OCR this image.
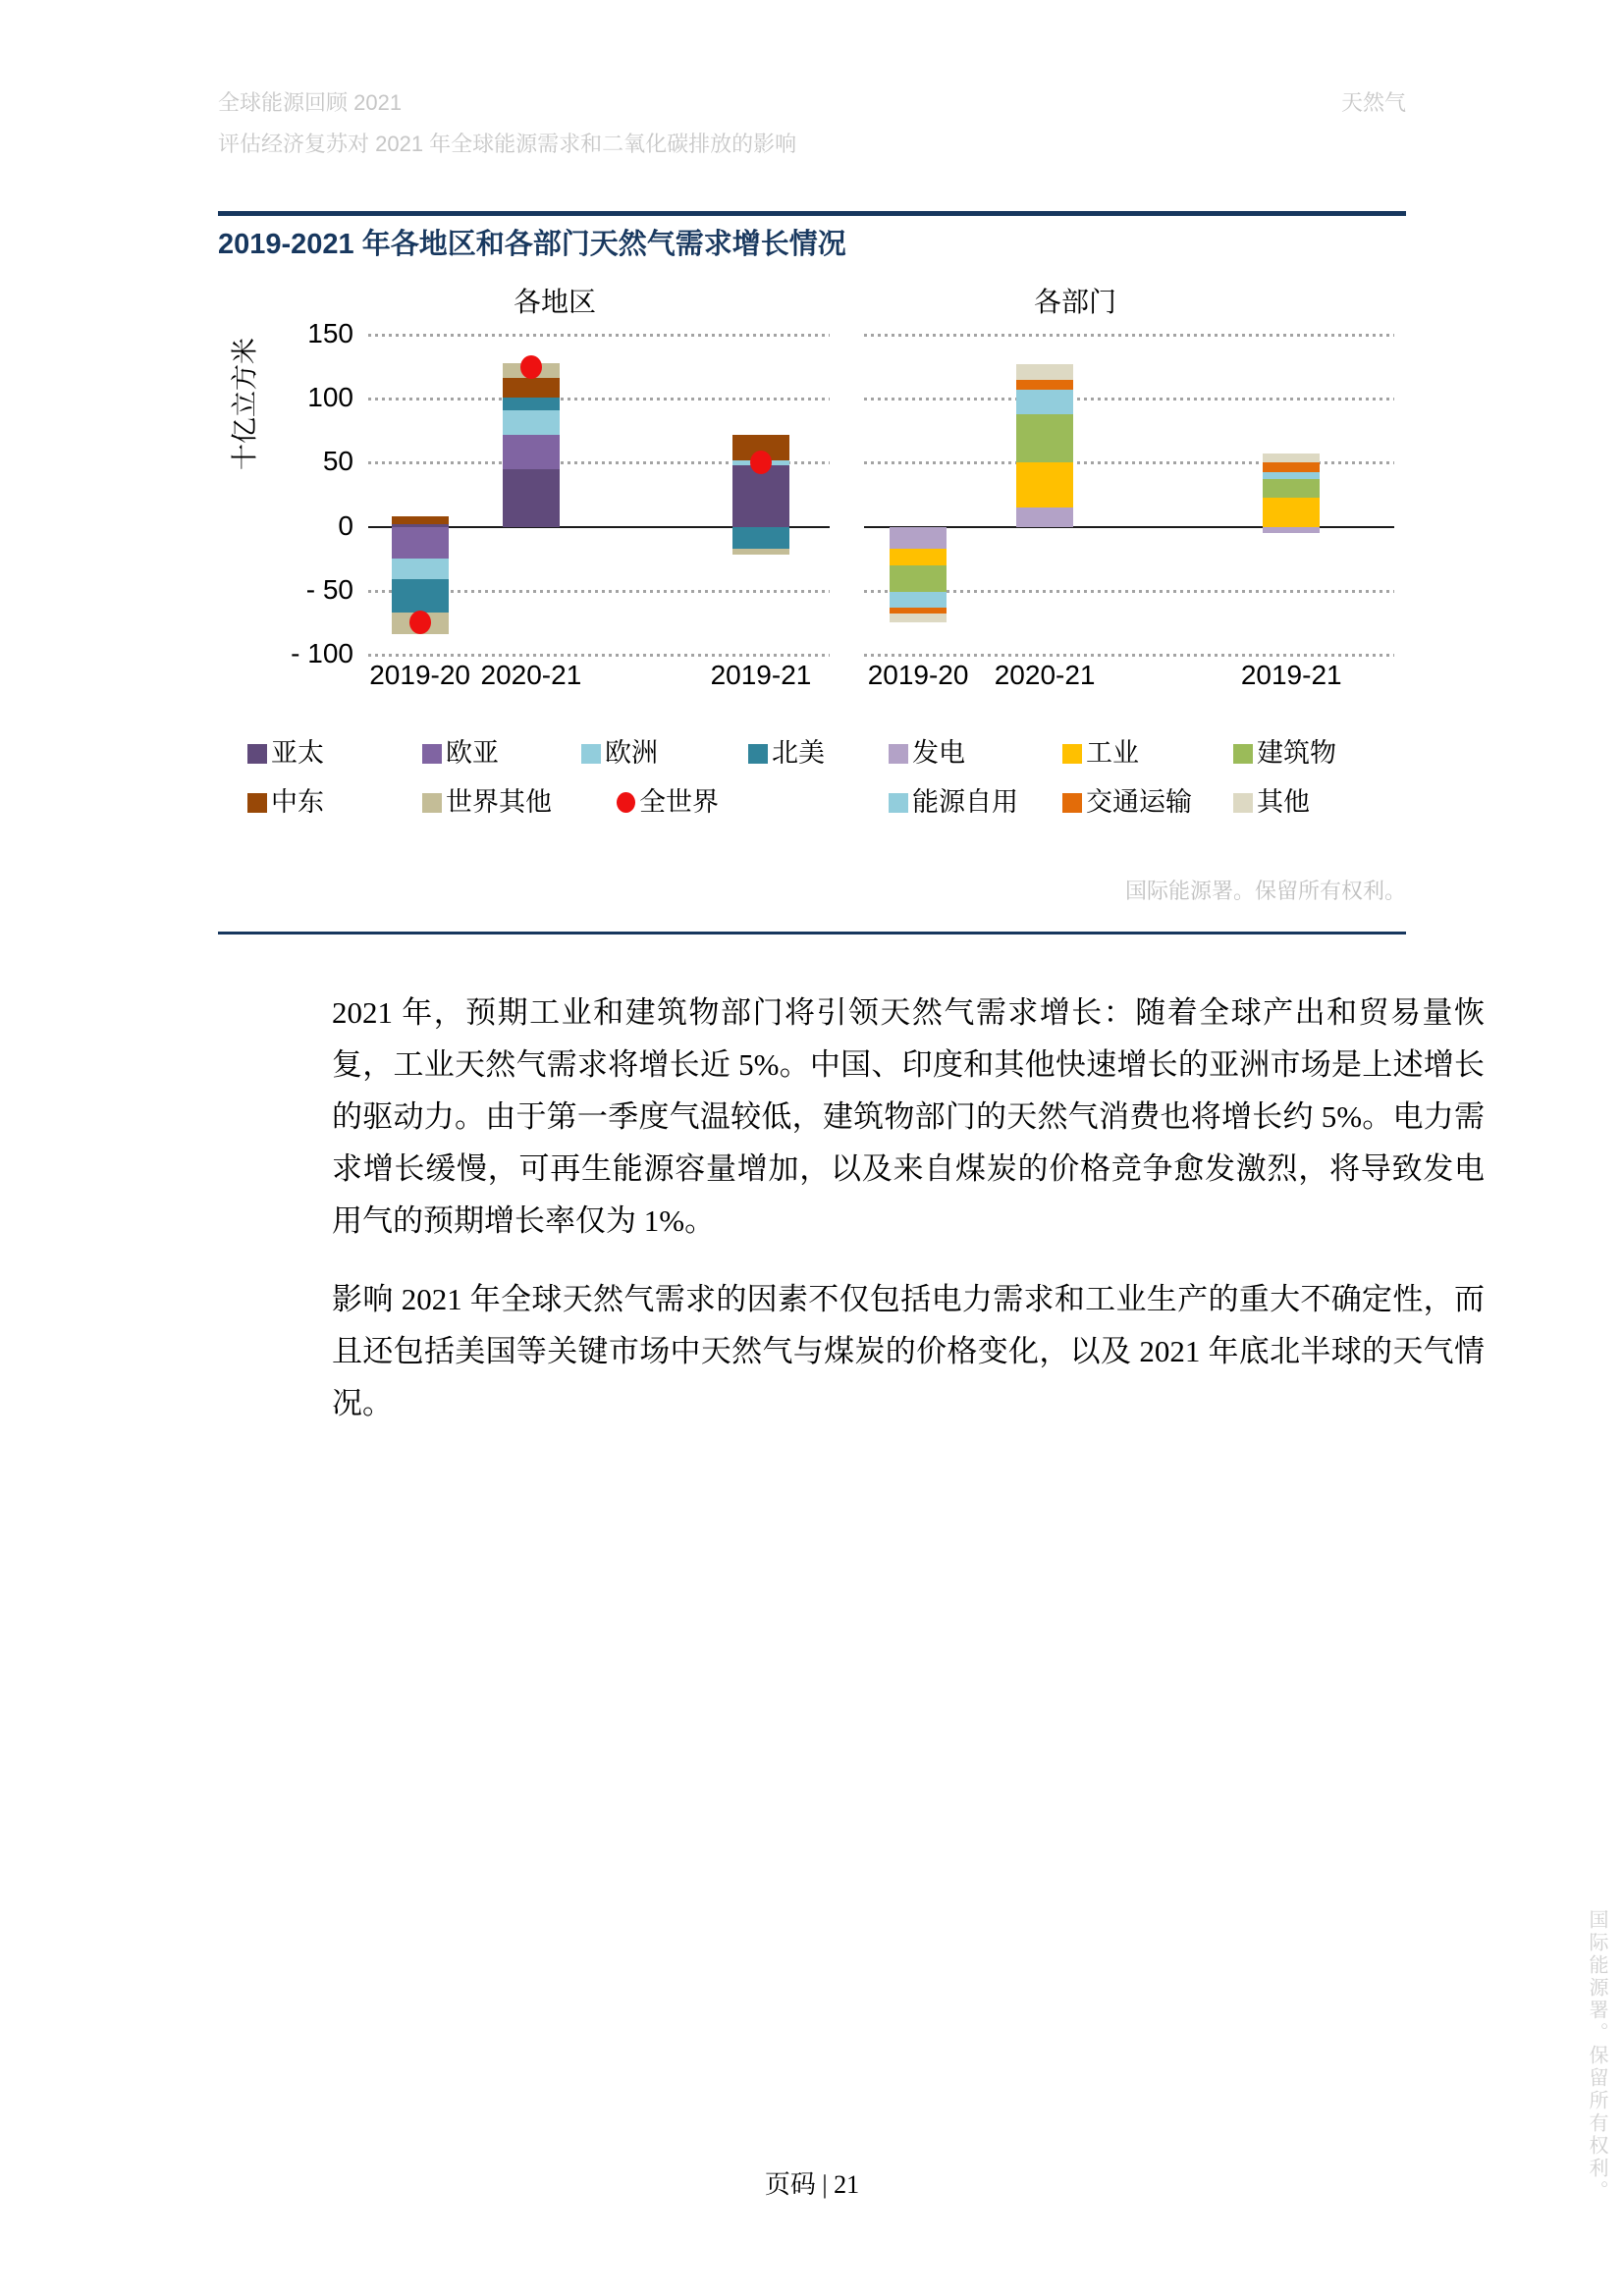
全球能源回顾 2021
评估经济复苏对 2021 年全球能源需求和二氧化碳排放的影响
天然气
2019-2021 年各地区和各部门天然气需求增长情况
各地区	各部门
十亿立方米
150
100
50
0
- 50
- 100
2019-20 2020-21	2019-21	2019-20 2020-21	2019-21
亚太	欧亚	欧洲	北美
中东	世界其他	全世界
发电	工业	建筑物
能源自用	交通运输	其他
国际能源署。保留所有权利。
2021 年，预期工业和建筑物部门将引领天然气需求增长：随着全球产出和贸易量恢复，工业天然气需求将增长近 5%。中国、印度和其他快速增长的亚洲市场是上述增长的驱动力。由于第一季度气温较低，建筑物部门的天然气消费也将增长约 5%。电力需求增长缓慢，可再生能源容量增加，以及来自煤炭的价格竞争愈发激烈，将导致发电用气的预期增长率仅为 1%。
影响 2021 年全球天然气需求的因素不仅包括电力需求和工业生产的重大不确定性，而且还包括美国等关键市场中天然气与煤炭的价格变化，以及 2021 年底北半球的天气情况。
页码 | 21	国际能源署。保留所有权利。
